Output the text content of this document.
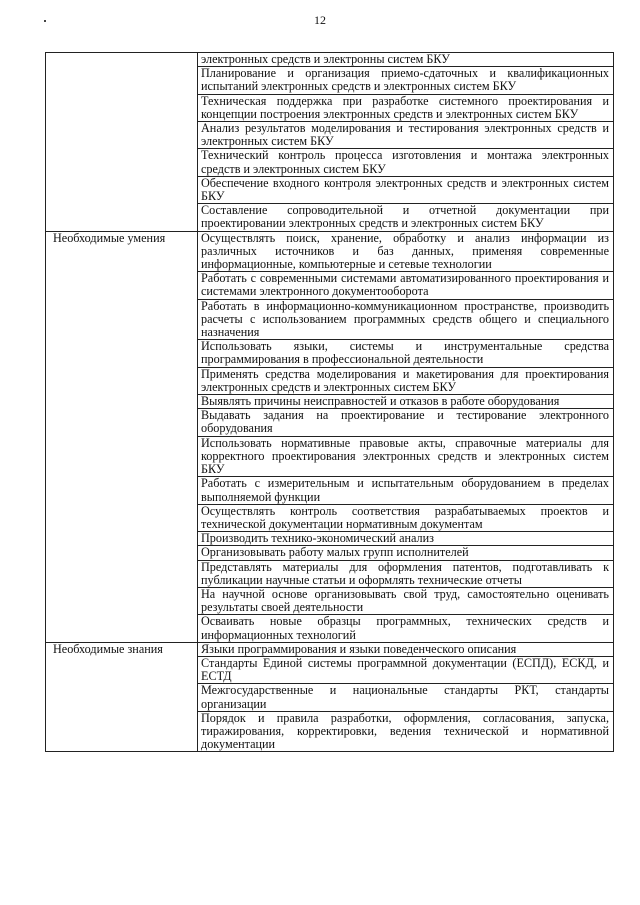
12
	электронных средств и электронны систем БКУ
	Планирование и организация приемо-сдаточных и квалификационных испытаний электронных средств и электронных систем БКУ
	Техническая поддержка при разработке системного проектирования и концепции построения электронных средств и электронных систем БКУ
	Анализ результатов моделирования и тестирования электронных средств и электронных систем БКУ
	Технический контроль процесса изготовления и монтажа электронных средств и электронных систем БКУ
	Обеспечение входного контроля электронных средств и электронных систем БКУ
	Составление сопроводительной и отчетной документации при проектировании электронных средств и электронных систем БКУ
Необходимые умения	Осуществлять поиск, хранение, обработку и анализ информации из различных источников и баз данных, применяя современные информационные, компьютерные и сетевые технологии
	Работать с современными системами автоматизированного проектирования и системами электронного документооборота
	Работать в информационно-коммуникационном пространстве, производить расчеты с использованием программных средств общего и специального назначения
	Использовать языки, системы и инструментальные средства программирования в профессиональной деятельности
	Применять средства моделирования и макетирования для проектирования электронных средств и электронных систем БКУ
	Выявлять причины неисправностей и отказов в работе оборудования
	Выдавать задания на проектирование и тестирование электронного оборудования
	Использовать нормативные правовые акты, справочные материалы для корректного проектирования электронных средств и электронных систем БКУ
	Работать с измерительным и испытательным оборудованием в пределах выполняемой функции
	Осуществлять контроль соответствия разрабатываемых проектов и технической документации нормативным документам
	Производить технико-экономический анализ
	Организовывать работу малых групп исполнителей
	Представлять материалы для оформления патентов, подготавливать к публикации научные статьи и оформлять технические отчеты
	На научной основе организовывать свой труд, самостоятельно оценивать результаты своей деятельности
	Осваивать новые образцы программных, технических средств и информационных технологий
Необходимые знания	Языки программирования и языки поведенческого описания
	Стандарты Единой системы программной документации (ЕСПД), ЕСКД, и ЕСТД
	Межгосударственные и национальные стандарты РКТ, стандарты организации
	Порядок и правила разработки, оформления, согласования, запуска, тиражирования, корректировки, ведения технической и нормативной документации
